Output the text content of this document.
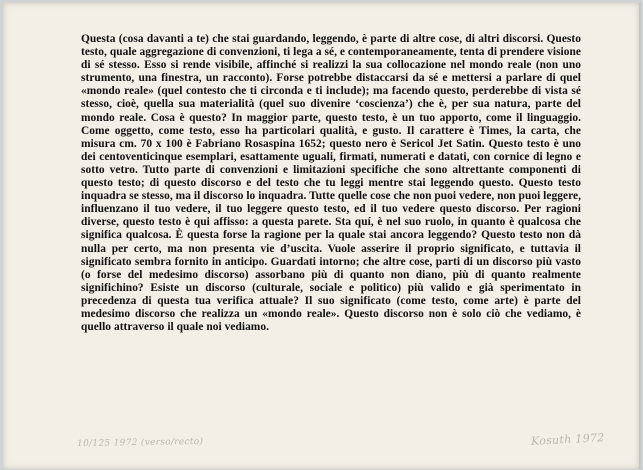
Questa (cosa davanti a te) che stai guardando, leggendo, è parte di altre cose, di altri discorsi. Questo testo, quale aggregazione di convenzioni, ti lega a sé, e contemporaneamente, tenta di prendere visione di sé stesso. Esso si rende visibile, affinché si realizzi la sua collocazione nel mondo reale (non uno strumento, una finestra, un racconto). Forse potrebbe distaccarsi da sé e mettersi a parlare di quel «mondo reale» (quel contesto che ti circonda e ti include); ma facendo questo, perderebbe di vista sé stesso, cioè, quella sua materialità (quel suo divenire ‘coscienza’) che è, per sua natura, parte del mondo reale. Cosa è questo? In maggior parte, questo testo, è un tuo apporto, come il linguaggio. Come oggetto, come testo, esso ha particolari qualità, e gusto. Il carattere è Times, la carta, che misura cm. 70 x 100 è Fabriano Rosaspina 1652; questo nero è Sericol Jet Satin. Questo testo è uno dei centoventicinque esemplari, esattamente uguali, firmati, numerati e datati, con cornice di legno e sotto vetro. Tutto parte di convenzioni e limitazioni specifiche che sono altrettante componenti di questo testo; di questo discorso e del testo che tu leggi mentre stai leggendo questo. Questo testo inquadra se stesso, ma il discorso lo inquadra. Tutte quelle cose che non puoi vedere, non puoi leggere, influenzano il tuo vedere, il tuo leggere questo testo, ed il tuo vedere questo discorso. Per ragioni diverse, questo testo è qui affisso: a questa parete. Sta quí, è nel suo ruolo, in quanto è qualcosa che significa qualcosa. È questa forse la ragione per la quale stai ancora leggendo? Questo testo non dà nulla per certo, ma non presenta vie d’uscita. Vuole asserire il proprio significato, e tuttavia il significato sembra fornito in anticipo. Guardati intorno; che altre cose, parti di un discorso più vasto (o forse del medesimo discorso) assorbano più di quanto non diano, più di quanto realmente significhino? Esiste un discorso (culturale, sociale e politico) più valido e già sperimentato in precedenza di questa tua verifica attuale? Il suo significato (come testo, come arte) è parte del medesimo discorso che realizza un «mondo reale». Questo discorso non è solo ciò che vediamo, è quello attraverso il quale noi vediamo.

10/125 1972 (verso/recto)	Kosuth 1972
